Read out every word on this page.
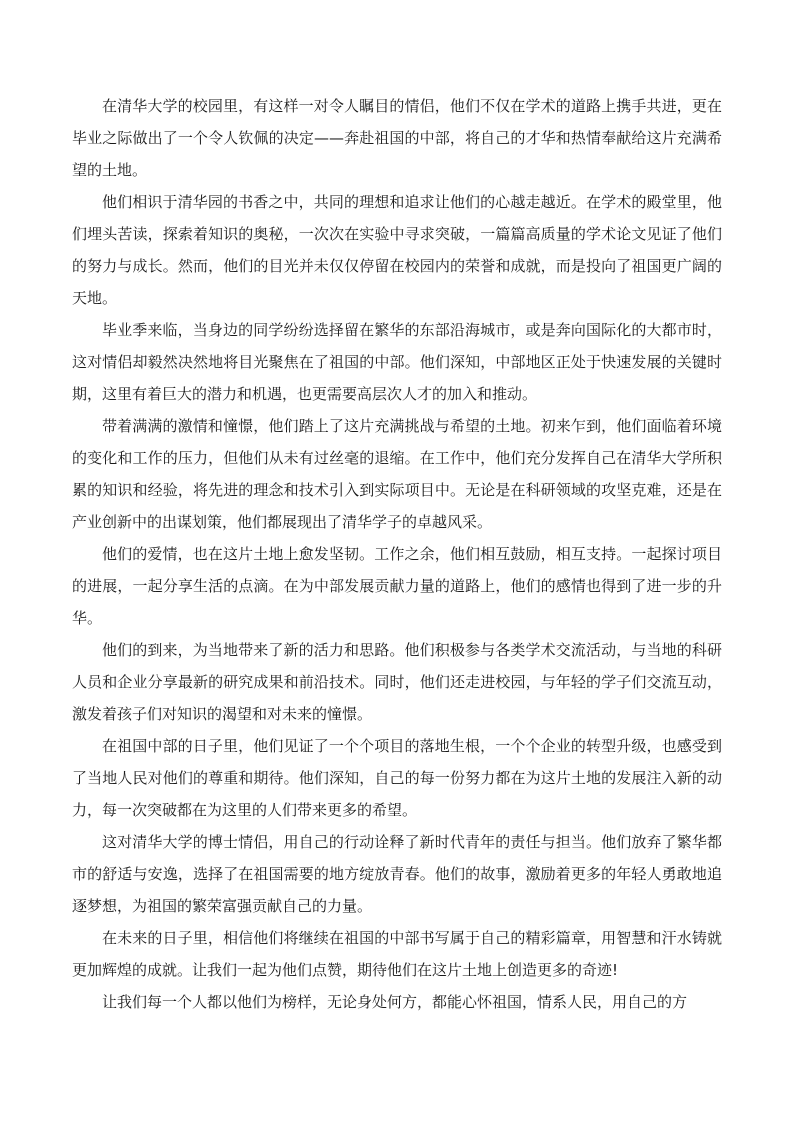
在清华大学的校园里，有这样一对令人瞩目的情侣，他们不仅在学术的道路上携手共进，更在毕业之际做出了一个令人钦佩的决定——奔赴祖国的中部，将自己的才华和热情奉献给这片充满希望的土地。

他们相识于清华园的书香之中，共同的理想和追求让他们的心越走越近。在学术的殿堂里，他们埋头苦读，探索着知识的奥秘，一次次在实验中寻求突破，一篇篇高质量的学术论文见证了他们的努力与成长。然而，他们的目光并未仅仅停留在校园内的荣誉和成就，而是投向了祖国更广阔的天地。

毕业季来临，当身边的同学纷纷选择留在繁华的东部沿海城市，或是奔向国际化的大都市时，这对情侣却毅然决然地将目光聚焦在了祖国的中部。他们深知，中部地区正处于快速发展的关键时期，这里有着巨大的潜力和机遇，也更需要高层次人才的加入和推动。

带着满满的激情和憧憬，他们踏上了这片充满挑战与希望的土地。初来乍到，他们面临着环境的变化和工作的压力，但他们从未有过丝毫的退缩。在工作中，他们充分发挥自己在清华大学所积累的知识和经验，将先进的理念和技术引入到实际项目中。无论是在科研领域的攻坚克难，还是在产业创新中的出谋划策，他们都展现出了清华学子的卓越风采。

他们的爱情，也在这片土地上愈发坚韧。工作之余，他们相互鼓励，相互支持。一起探讨项目的进展，一起分享生活的点滴。在为中部发展贡献力量的道路上，他们的感情也得到了进一步的升华。

他们的到来，为当地带来了新的活力和思路。他们积极参与各类学术交流活动，与当地的科研人员和企业分享最新的研究成果和前沿技术。同时，他们还走进校园，与年轻的学子们交流互动，激发着孩子们对知识的渴望和对未来的憧憬。

在祖国中部的日子里，他们见证了一个个项目的落地生根，一个个企业的转型升级，也感受到了当地人民对他们的尊重和期待。他们深知，自己的每一份努力都在为这片土地的发展注入新的动力，每一次突破都在为这里的人们带来更多的希望。

这对清华大学的博士情侣，用自己的行动诠释了新时代青年的责任与担当。他们放弃了繁华都市的舒适与安逸，选择了在祖国需要的地方绽放青春。他们的故事，激励着更多的年轻人勇敢地追逐梦想，为祖国的繁荣富强贡献自己的力量。

在未来的日子里，相信他们将继续在祖国的中部书写属于自己的精彩篇章，用智慧和汗水铸就更加辉煌的成就。让我们一起为他们点赞，期待他们在这片土地上创造更多的奇迹!

让我们每一个人都以他们为榜样，无论身处何方，都能心怀祖国，情系人民，用自己的方
